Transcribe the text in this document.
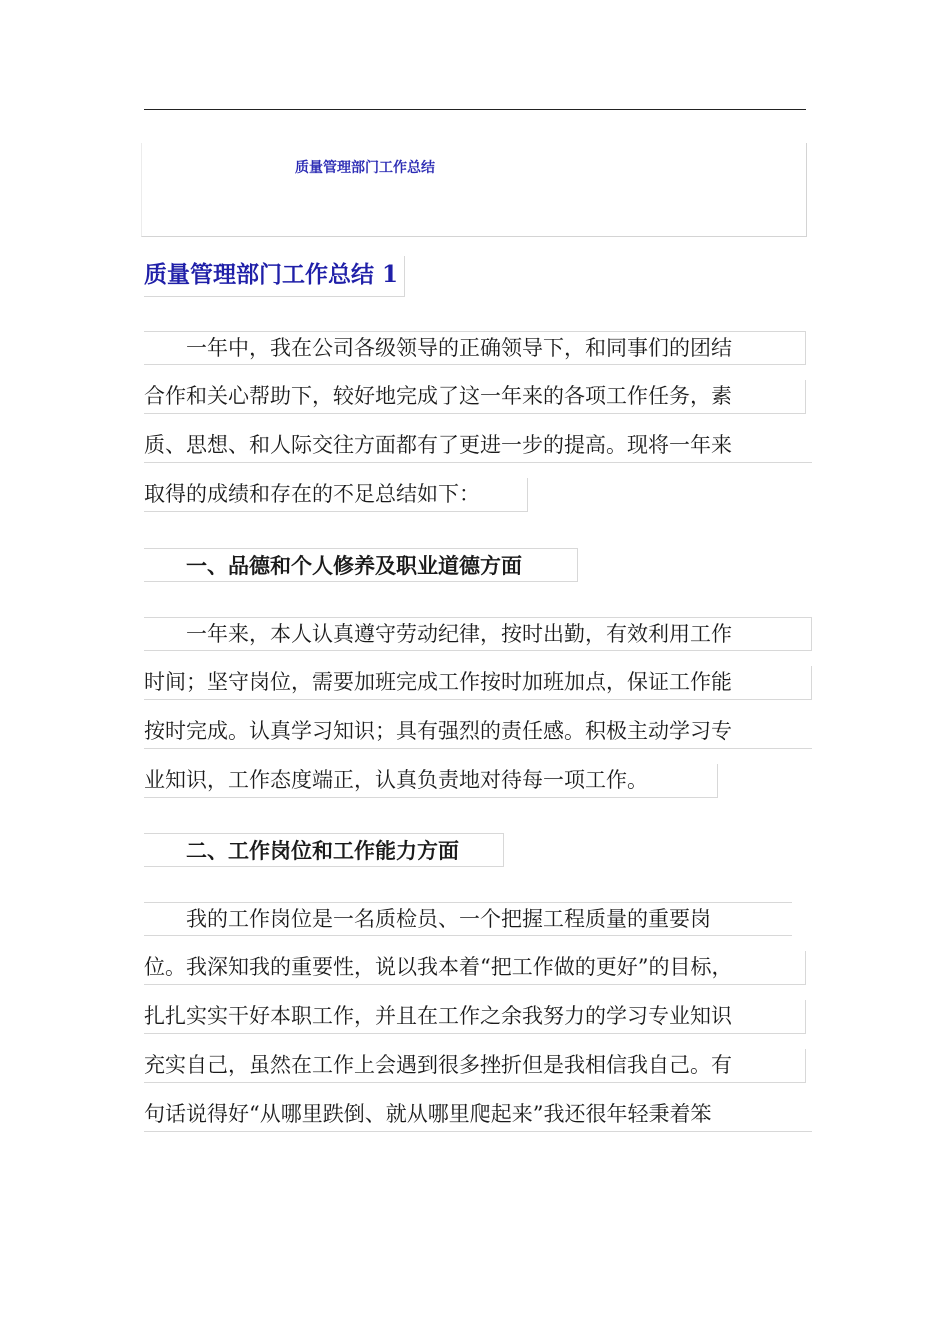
质量管理部门工作总结
质量管理部门工作总结 1
　　一年中，我在公司各级领导的正确领导下，和同事们的团结
合作和关心帮助下，较好地完成了这一年来的各项工作任务，素
质、思想、和人际交往方面都有了更进一步的提高。现将一年来
取得的成绩和存在的不足总结如下：
　　一、品德和个人修养及职业道德方面
　　一年来，本人认真遵守劳动纪律，按时出勤，有效利用工作
时间；坚守岗位，需要加班完成工作按时加班加点，保证工作能
按时完成。认真学习知识；具有强烈的责任感。积极主动学习专
业知识，工作态度端正，认真负责地对待每一项工作。
　　二、工作岗位和工作能力方面
　　我的工作岗位是一名质检员、一个把握工程质量的重要岗
位。我深知我的重要性，说以我本着“把工作做的更好”的目标，
扎扎实实干好本职工作，并且在工作之余我努力的学习专业知识
充实自己，虽然在工作上会遇到很多挫折但是我相信我自己。有
句话说得好“从哪里跌倒、就从哪里爬起来”我还很年轻秉着笨
